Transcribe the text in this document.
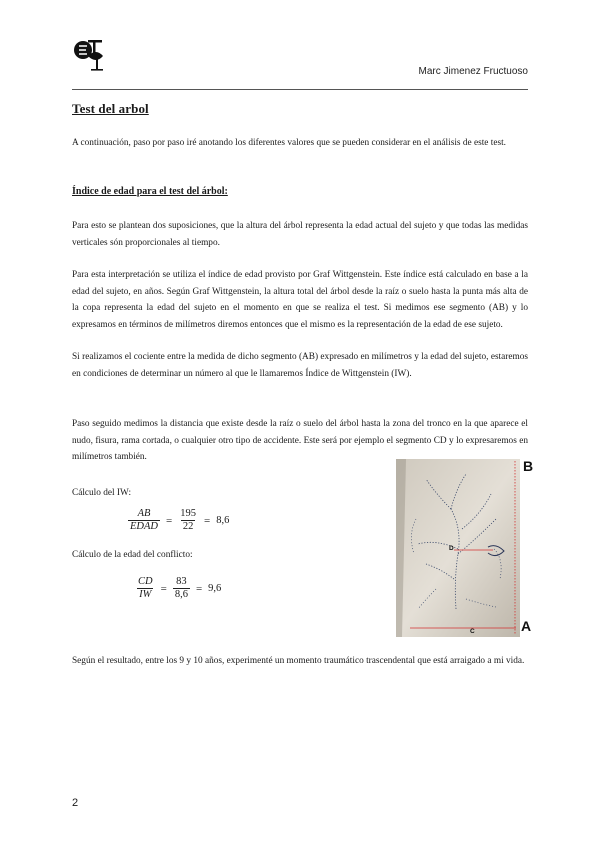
Marc Jimenez Fructuoso
Test del arbol

A continuación, paso por paso iré anotando los diferentes valores que se pueden considerar en el análisis de este test.

Índice de edad para el test del árbol:

Para esto se plantean dos suposiciones, que la altura del árbol representa la edad actual del sujeto y que todas las medidas verticales són proporcionales al tiempo.

Para esta interpretación se utiliza el índice de edad provisto por Graf Wittgenstein. Este índice está calculado en base a la edad del sujeto, en años. Según Graf Wittgenstein, la altura total del árbol desde la raíz o suelo hasta la punta más alta de la copa representa la edad del sujeto en el momento en que se realiza el test. Si medimos ese segmento (AB) y lo expresamos en términos de milímetros diremos entonces que el mismo es la representación de la edad de ese sujeto.

Si realizamos el cociente entre la medida de dicho segmento (AB) expresado en milímetros y la edad del sujeto, estaremos en condiciones de determinar un número al que le llamaremos Índice de Wittgenstein (IW).

Paso seguido medimos la distancia que existe desde la raíz o suelo del árbol hasta la zona del tronco en la que aparece el nudo, fisura, rama cortada, o cualquier otro tipo de accidente. Este será por ejemplo el segmento CD y lo expresaremos en milímetros también.

Cálculo del IW:
$\frac{AB}{\text{EDAD}} = \frac{195}{22} = 8,6$
Cálculo de la edad del conflicto:
$\frac{CD}{IW} = \frac{83}{8,6} = 9,6$
B
A
D
C

Según el resultado, entre los 9 y 10 años, experimenté un momento traumático trascendental que está arraigado a mi vida.

2
